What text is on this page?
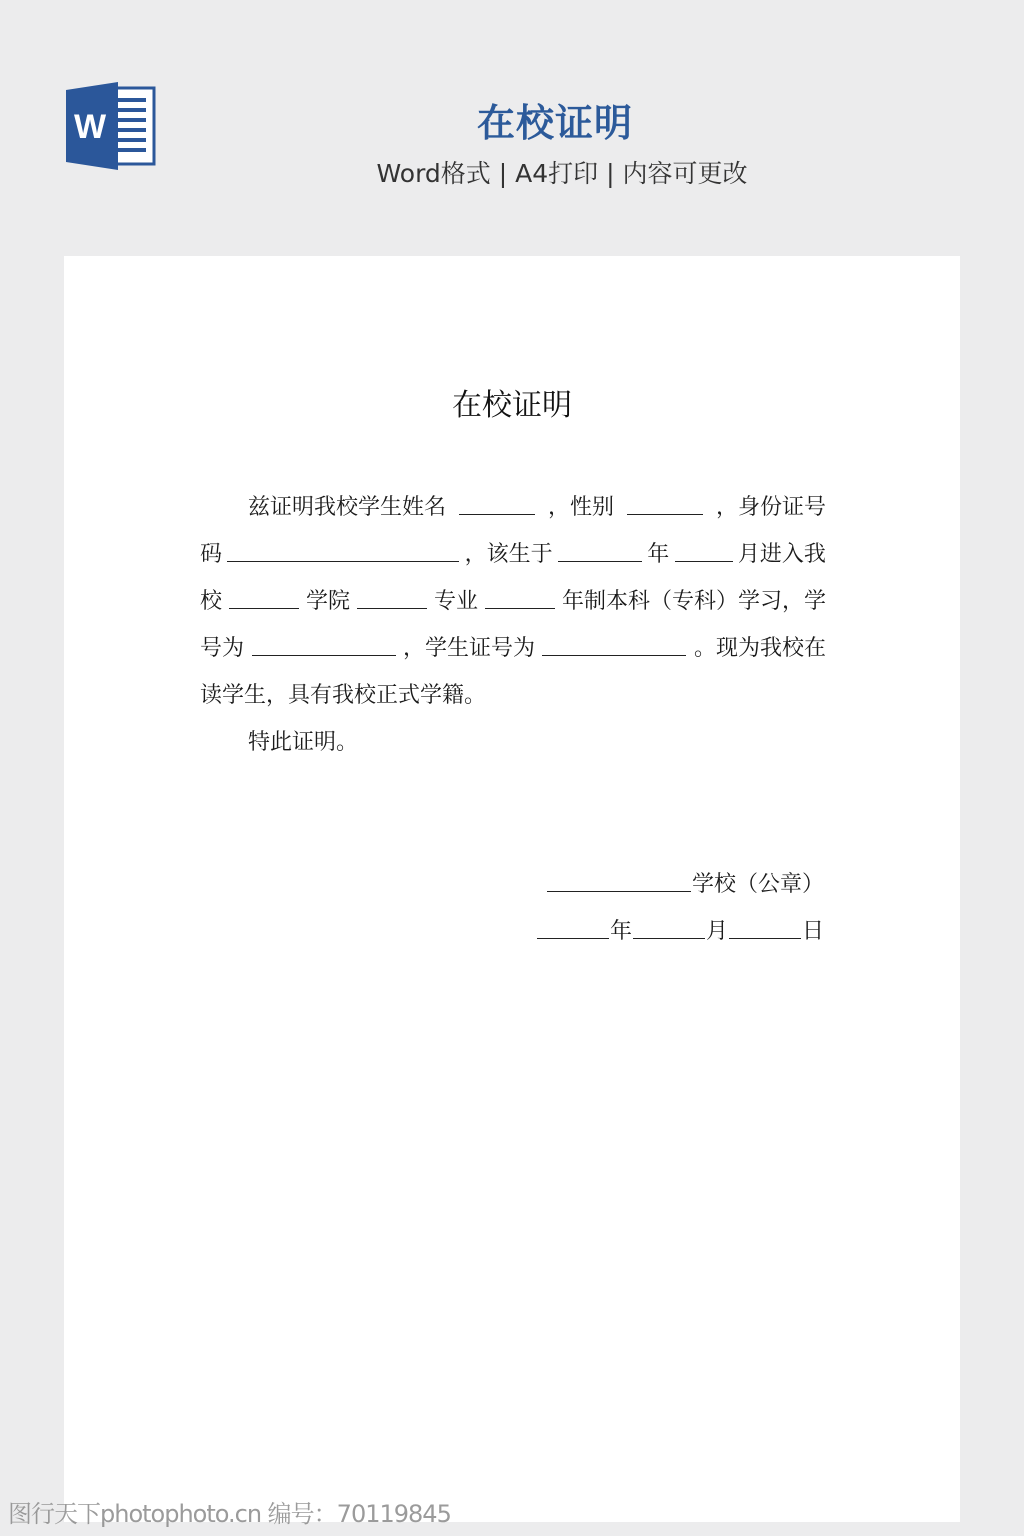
W	在校证明
Word格式 | A4打印 | 内容可更改
在校证明
兹证明我校学生姓名	，性别	，身份证号
码	，该生于	年	月进入我
校	学院	专业	年制本科（专科）学习，学
号为	，学生证号为	。现为我校在
读学生，具有我校正式学籍。
特此证明。
学校（公章）
年	月	日
图行天下photophoto.cn 编号：70119845
